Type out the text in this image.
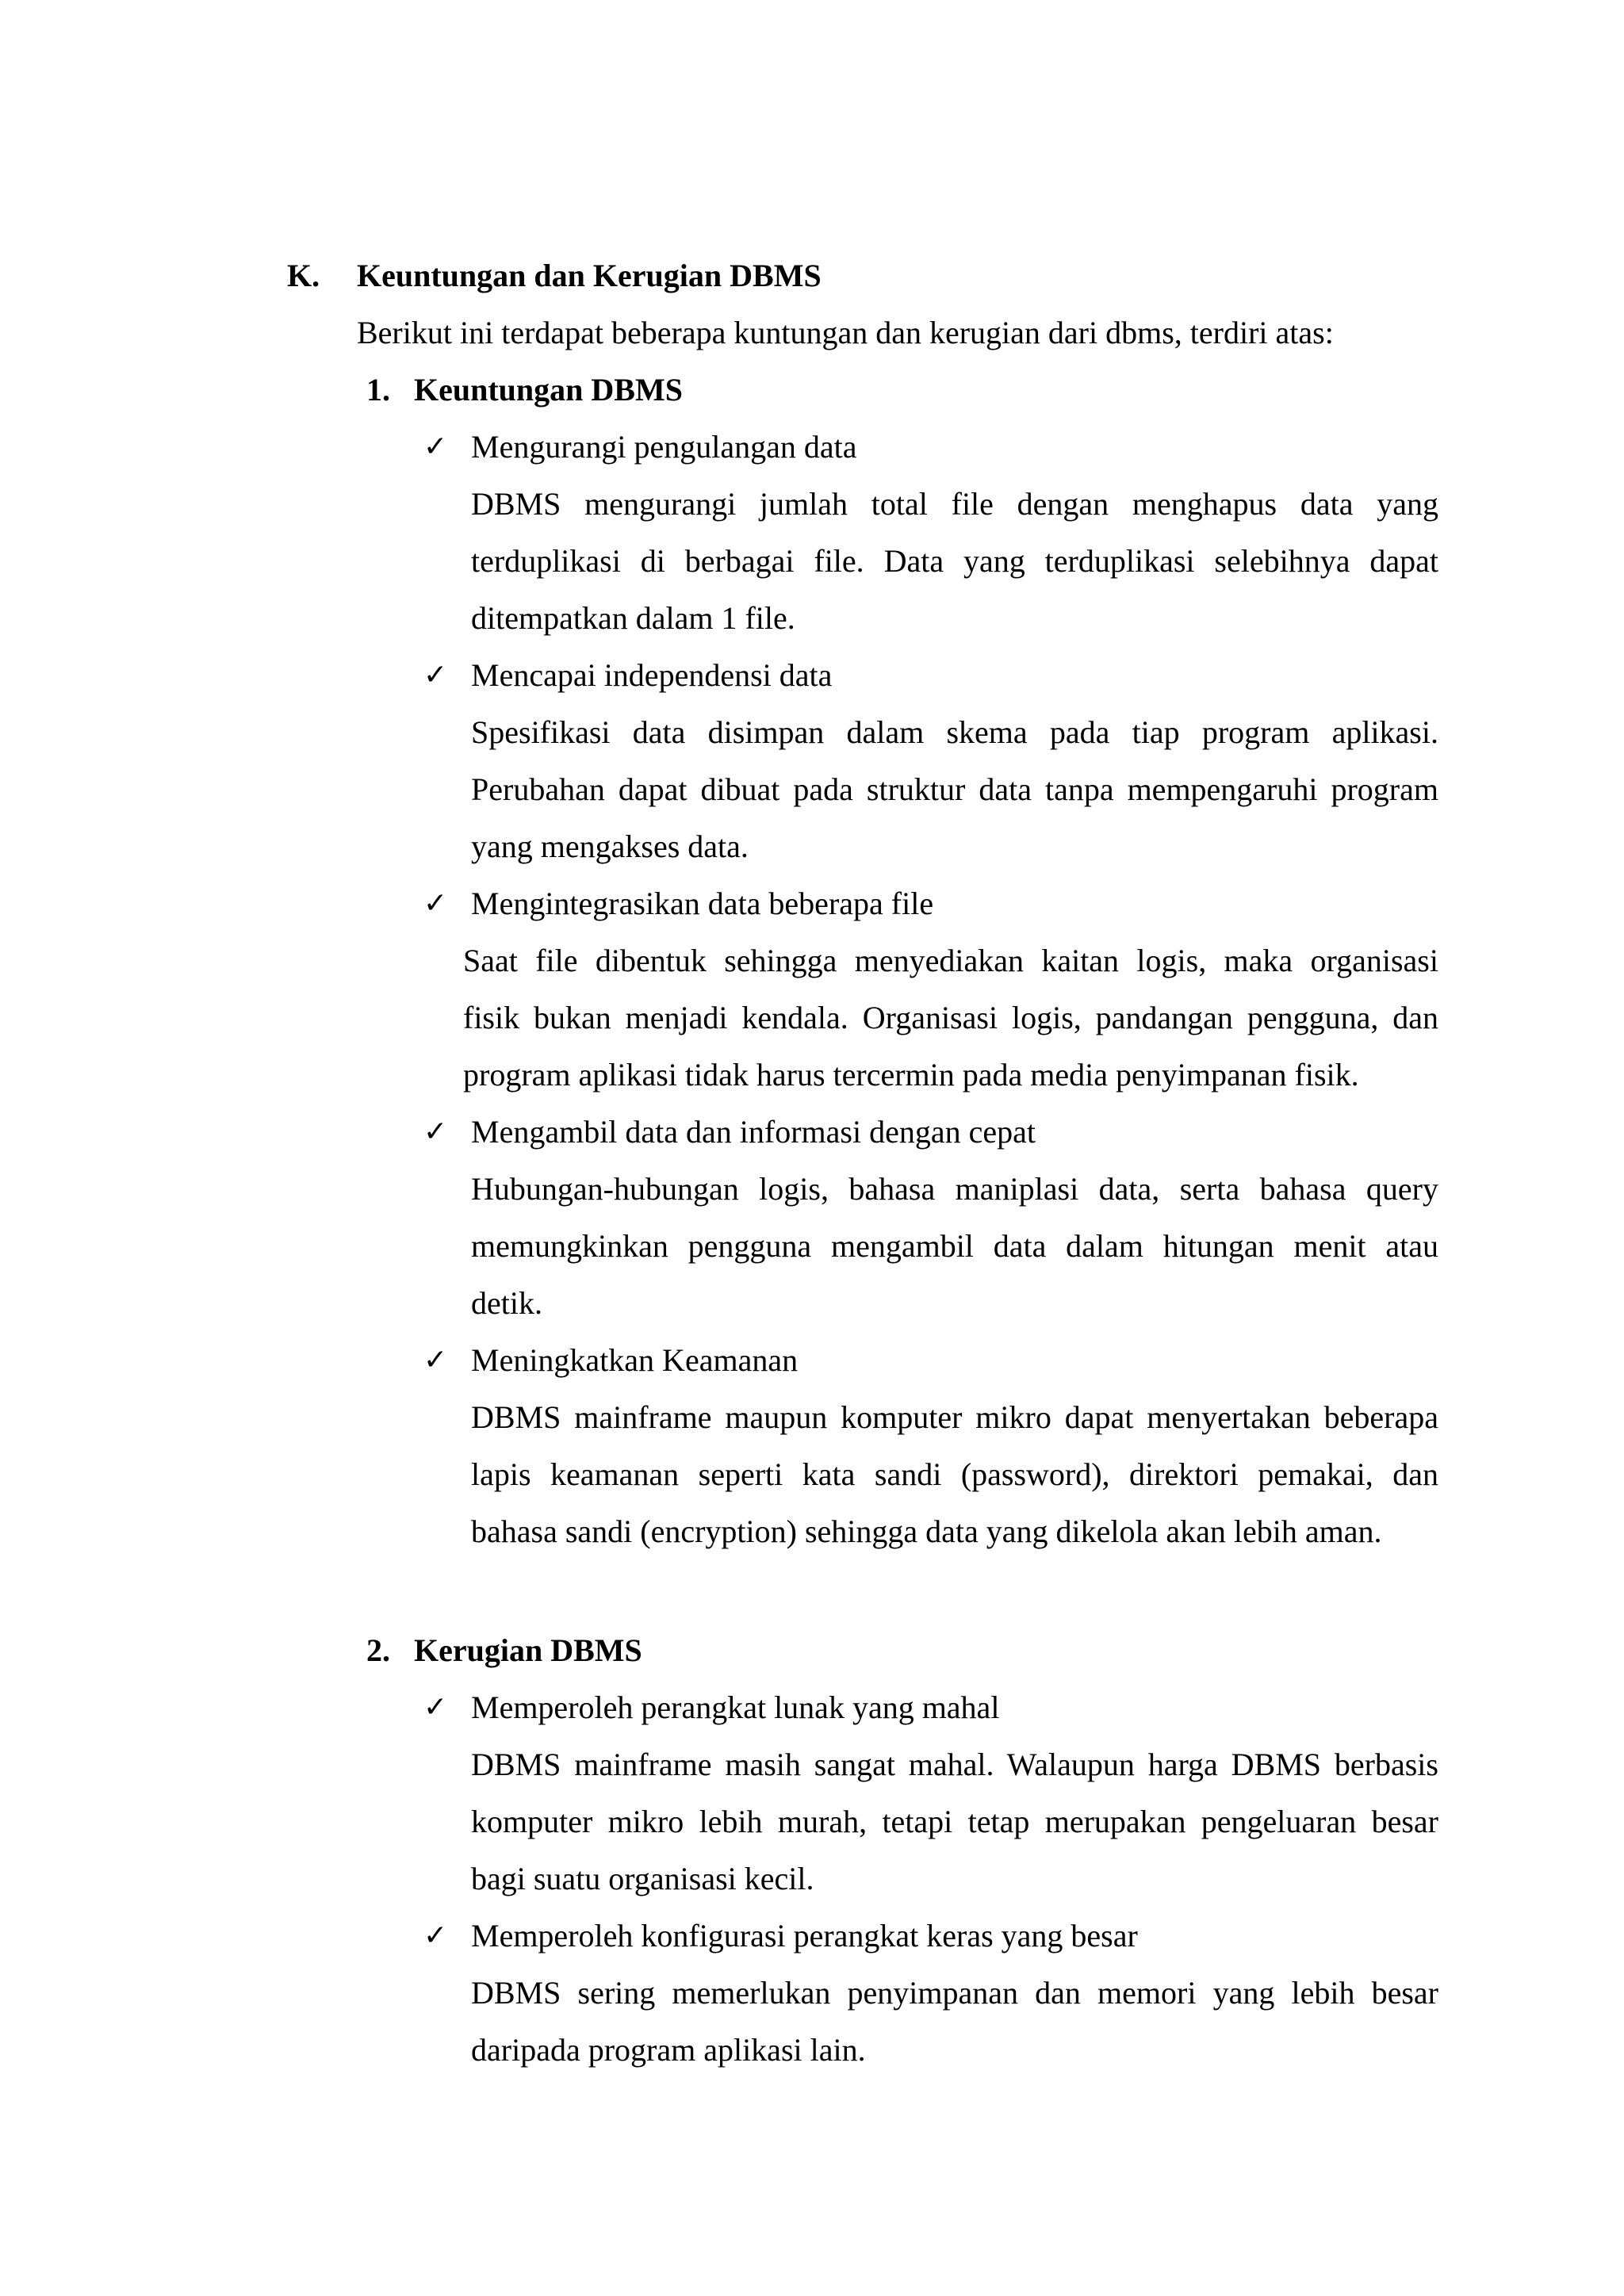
K. Keuntungan dan Kerugian DBMS
Berikut ini terdapat beberapa kuntungan dan kerugian dari dbms, terdiri atas:
1. Keuntungan DBMS
✓ Mengurangi pengulangan data
DBMS mengurangi jumlah total file dengan menghapus data yang
terduplikasi di berbagai file. Data yang terduplikasi selebihnya dapat
ditempatkan dalam 1 file.
✓ Mencapai independensi data
Spesifikasi data disimpan dalam skema pada tiap program aplikasi.
Perubahan dapat dibuat pada struktur data tanpa mempengaruhi program
yang mengakses data.
✓ Mengintegrasikan data beberapa file
Saat file dibentuk sehingga menyediakan kaitan logis, maka organisasi
fisik bukan menjadi kendala. Organisasi logis, pandangan pengguna, dan
program aplikasi tidak harus tercermin pada media penyimpanan fisik.
✓ Mengambil data dan informasi dengan cepat
Hubungan-hubungan logis, bahasa maniplasi data, serta bahasa query
memungkinkan pengguna mengambil data dalam hitungan menit atau
detik.
✓ Meningkatkan Keamanan
DBMS mainframe maupun komputer mikro dapat menyertakan beberapa
lapis keamanan seperti kata sandi (password), direktori pemakai, dan
bahasa sandi (encryption) sehingga data yang dikelola akan lebih aman.
2. Kerugian DBMS
✓ Memperoleh perangkat lunak yang mahal
DBMS mainframe masih sangat mahal. Walaupun harga DBMS berbasis
komputer mikro lebih murah, tetapi tetap merupakan pengeluaran besar
bagi suatu organisasi kecil.
✓ Memperoleh konfigurasi perangkat keras yang besar
DBMS sering memerlukan penyimpanan dan memori yang lebih besar
daripada program aplikasi lain.
